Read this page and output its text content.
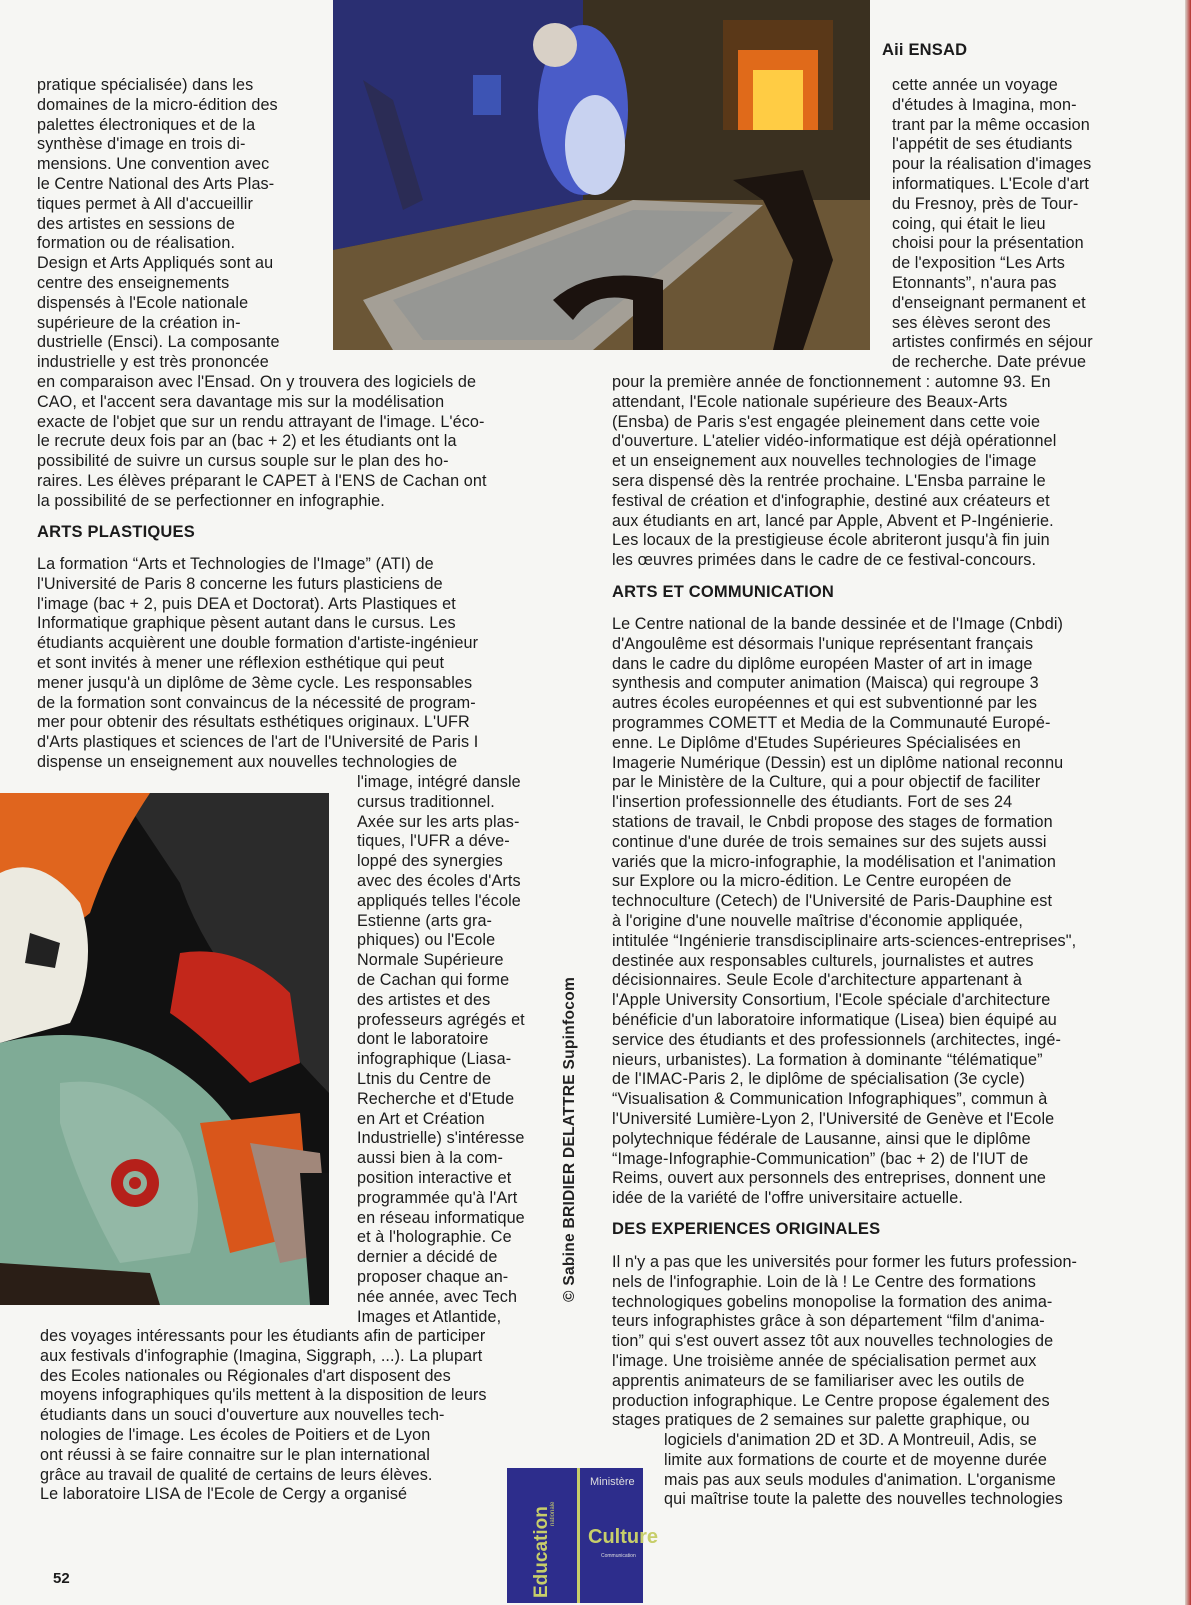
pratique spécialisée) dans les
domaines de la micro-édition des
palettes électroniques et de la
synthèse d'image en trois di-
mensions. Une convention avec
le Centre National des Arts Plas-
tiques permet à All d'accueillir
des artistes en sessions de
formation ou de réalisation.
Design et Arts Appliqués sont au
centre des enseignements
dispensés à l'Ecole nationale
supérieure de la création in-
dustrielle (Ensci). La composante
industrielle y est très prononcée
en comparaison avec l'Ensad. On y trouvera des logiciels de
CAO, et l'accent sera davantage mis sur la modélisation
exacte de l'objet que sur un rendu attrayant de l'image. L'éco-
le recrute deux fois par an (bac + 2) et les étudiants ont la
possibilité de suivre un cursus souple sur le plan des ho-
raires. Les élèves préparant le CAPET à l'ENS de Cachan ont
la possibilité de se perfectionner en infographie.
ARTS PLASTIQUES
La formation “Arts et Technologies de l'Image” (ATI) de
l'Université de Paris 8 concerne les futurs plasticiens de
l'image (bac + 2, puis DEA et Doctorat). Arts Plastiques et
Informatique graphique pèsent autant dans le cursus. Les
étudiants acquièrent une double formation d'artiste-ingénieur
et sont invités à mener une réflexion esthétique qui peut
mener jusqu'à un diplôme de 3ème cycle. Les responsables
de la formation sont convaincus de la nécessité de program-
mer pour obtenir des résultats esthétiques originaux. L'UFR
d'Arts plastiques et sciences de l'art de l'Université de Paris I
dispense un enseignement aux nouvelles technologies de
l'image, intégré dansle
cursus traditionnel.
Axée sur les arts plas-
tiques, l'UFR a déve-
loppé des synergies
avec des écoles d'Arts
appliqués telles l'école
Estienne (arts gra-
phiques) ou l'Ecole
Normale Supérieure
de Cachan qui forme
des artistes et des
professeurs agrégés et
dont le laboratoire
infographique (Liasa-
Ltnis du Centre de
Recherche et d'Etude
en Art et Création
Industrielle) s'intéresse
aussi bien à la com-
position interactive et
programmée qu'à l'Art
en réseau informatique
et à l'holographie. Ce
dernier a décidé de
proposer chaque an-
née année, avec Tech
Images et Atlantide,
des voyages intéressants pour les étudiants afin de participer
aux festivals d'infographie (Imagina, Siggraph, ...). La plupart
des Ecoles nationales ou Régionales d'art disposent des
moyens infographiques qu'ils mettent à la disposition de leurs
étudiants dans un souci d'ouverture aux nouvelles tech-
nologies de l'image. Les écoles de Poitiers et de Lyon
ont réussi à se faire connaitre sur le plan international
grâce au travail de qualité de certains de leurs élèves.
Le laboratoire LISA de l'Ecole de Cergy a organisé
Aii ENSAD
cette année un voyage
d'études à Imagina, mon-
trant par la même occasion
l'appétit de ses étudiants
pour la réalisation d'images
informatiques. L'Ecole d'art
du Fresnoy, près de Tour-
coing, qui était le lieu
choisi pour la présentation
de l'exposition “Les Arts
Etonnants”, n'aura pas
d'enseignant permanent et
ses élèves seront des
artistes confirmés en séjour
de recherche. Date prévue
pour la première année de fonctionnement : automne 93. En
attendant, l'Ecole nationale supérieure des Beaux-Arts
(Ensba) de Paris s'est engagée pleinement dans cette voie
d'ouverture. L'atelier vidéo-informatique est déjà opérationnel
et un enseignement aux nouvelles technologies de l'image
sera dispensé dès la rentrée prochaine. L'Ensba parraine le
festival de création et d'infographie, destiné aux créateurs et
aux étudiants en art, lancé par Apple, Abvent et P-Ingénierie.
Les locaux de la prestigieuse école abriteront jusqu'à fin juin
les œuvres primées dans le cadre de ce festival-concours.
ARTS ET COMMUNICATION
Le Centre national de la bande dessinée et de l'Image (Cnbdi)
d'Angoulême est désormais l'unique représentant français
dans le cadre du diplôme européen Master of art in image
synthesis and computer animation (Maisca) qui regroupe 3
autres écoles européennes et qui est subventionné par les
programmes COMETT et Media de la Communauté Europé-
enne. Le Diplôme d'Etudes Supérieures Spécialisées en
Imagerie Numérique (Dessin) est un diplôme national reconnu
par le Ministère de la Culture, qui a pour objectif de faciliter
l'insertion professionnelle des étudiants. Fort de ses 24
stations de travail, le Cnbdi propose des stages de formation
continue d'une durée de trois semaines sur des sujets aussi
variés que la micro-infographie, la modélisation et l'animation
sur Explore ou la micro-édition. Le Centre européen de
technoculture (Cetech) de l'Université de Paris-Dauphine est
à l'origine d'une nouvelle maîtrise d'économie appliquée,
intitulée “Ingénierie transdisciplinaire arts-sciences-entreprises",
destinée aux responsables culturels, journalistes et autres
décisionnaires. Seule Ecole d'architecture appartenant à
l'Apple University Consortium, l'Ecole spéciale d'architecture
bénéficie d'un laboratoire informatique (Lisea) bien équipé au
service des étudiants et des professionnels (architectes, ingé-
nieurs, urbanistes). La formation à dominante “télématique”
de l'IMAC-Paris 2, le diplôme de spécialisation (3e cycle)
“Visualisation & Communication Infographiques”, commun à
l'Université Lumière-Lyon 2, l'Université de Genève et l'Ecole
polytechnique fédérale de Lausanne, ainsi que le diplôme
“Image-Infographie-Communication” (bac + 2) de l'IUT de
Reims, ouvert aux personnels des entreprises, donnent une
idée de la variété de l'offre universitaire actuelle.
DES EXPERIENCES ORIGINALES
Il n'y a pas que les universités pour former les futurs profession-
nels de l'infographie. Loin de là ! Le Centre des formations
technologiques gobelins monopolise la formation des anima-
teurs infographistes grâce à son département “film d'anima-
tion” qui s'est ouvert assez tôt aux nouvelles technologies de
l'image. Une troisième année de spécialisation permet aux
apprentis animateurs de se familiariser avec les outils de
production infographique. Le Centre propose également des
stages pratiques de 2 semaines sur palette graphique, ou
logiciels d'animation 2D et 3D. A Montreuil, Adis, se
limite aux formations de courte et de moyenne durée
mais pas aux seuls modules d'animation. L'organisme
qui maîtrise toute la palette des nouvelles technologies
© Sabine BRIDIER DELATTRE Supinfocom
Education
nationale
Ministère
Culture
Communication
52
